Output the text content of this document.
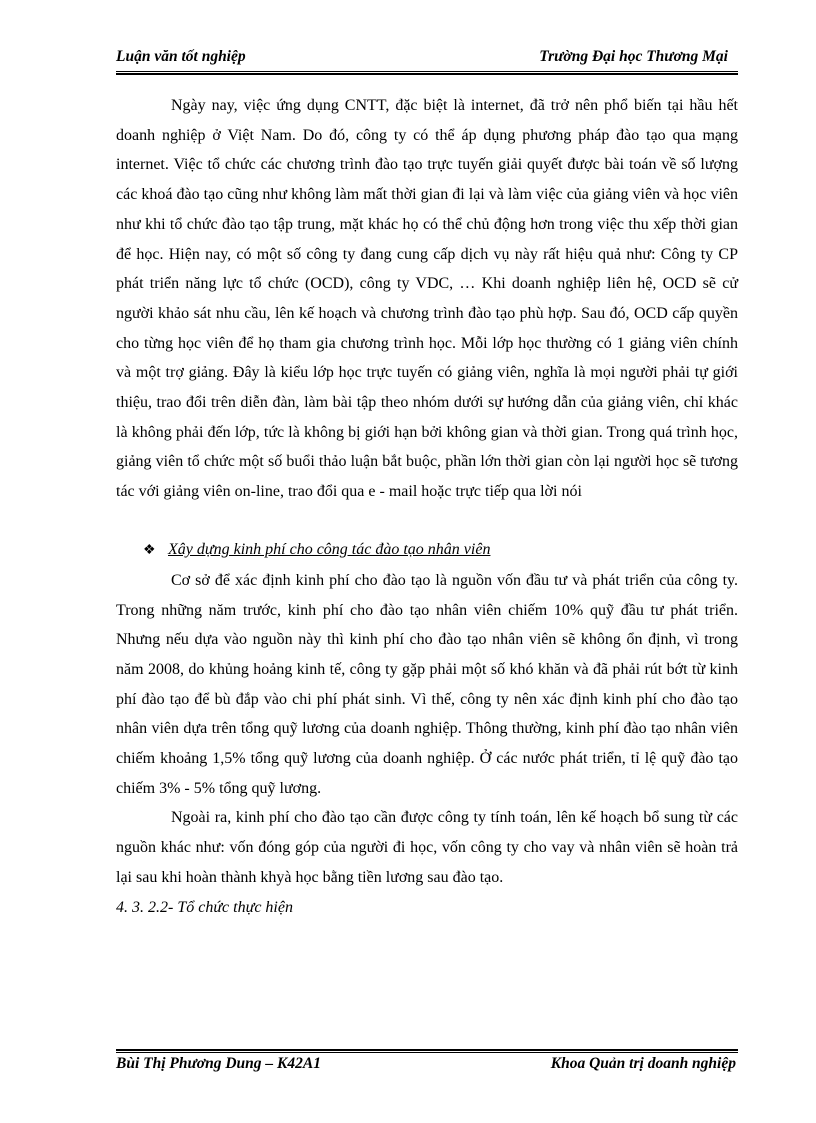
Luận văn tốt nghiệp	Trường Đại học Thương Mại

Ngày nay, việc ứng dụng CNTT, đặc biệt là internet, đã trở nên phổ biến tại hầu hết doanh nghiệp ở Việt Nam. Do đó, công ty có thể áp dụng phương pháp đào tạo qua mạng internet. Việc tổ chức các chương trình đào tạo trực tuyến giải quyết được bài toán về số lượng các khoá đào tạo cũng như không làm mất thời gian đi lại và làm việc của giảng viên và học viên như khi tổ chức đào tạo tập trung, mặt khác họ có thể chủ động hơn trong việc thu xếp thời gian để học. Hiện nay, có một số công ty đang cung cấp dịch vụ này rất hiệu quả như: Công ty CP phát triển năng lực tổ chức (OCD), công ty VDC, … Khi doanh nghiệp liên hệ, OCD sẽ cử người khảo sát nhu cầu, lên kế hoạch và chương trình đào tạo phù hợp. Sau đó, OCD cấp quyền cho từng học viên để họ tham gia chương trình học. Mỗi lớp học thường có 1 giảng viên chính và một trợ giảng. Đây là kiểu lớp học trực tuyến có giảng viên, nghĩa là mọi người phải tự giới thiệu, trao đổi trên diễn đàn, làm bài tập theo nhóm dưới sự hướng dẫn của giảng viên, chỉ khác là không phải đến lớp, tức là không bị giới hạn bởi không gian và thời gian. Trong quá trình học, giảng viên tổ chức một số buổi thảo luận bắt buộc, phần lớn thời gian còn lại người học sẽ tương tác với giảng viên on-line, trao đổi qua e - mail hoặc trực tiếp qua lời nói

❖ Xây dựng kinh phí cho công tác đào tạo nhân viên

Cơ sở để xác định kinh phí cho đào tạo là nguồn vốn đầu tư và phát triển của công ty. Trong những năm trước, kinh phí cho đào tạo nhân viên chiếm 10% quỹ đầu tư phát triển. Nhưng nếu dựa vào nguồn này thì kinh phí cho đào tạo nhân viên sẽ không ổn định, vì trong năm 2008, do khủng hoảng kinh tế, công ty gặp phải một số khó khăn và đã phải rút bớt từ kinh phí đào tạo để bù đắp vào chi phí phát sinh. Vì thế, công ty nên xác định kinh phí cho đào tạo nhân viên dựa trên tổng quỹ lương của doanh nghiệp. Thông thường, kinh phí đào tạo nhân viên chiếm khoảng 1,5% tổng quỹ lương của doanh nghiệp. Ở các nước phát triển, tỉ lệ quỹ đào tạo chiếm 3% - 5% tổng quỹ lương.

Ngoài ra, kinh phí cho đào tạo cần được công ty tính toán, lên kế hoạch bổ sung từ các nguồn khác như: vốn đóng góp của người đi học, vốn công ty cho vay và nhân viên sẽ hoàn trả lại sau khi hoàn thành khyà học bằng tiền lương sau đào tạo.

4. 3. 2.2- Tổ chức thực hiện

Bùi Thị Phương Dung – K42A1	Khoa Quản trị doanh nghiệp
